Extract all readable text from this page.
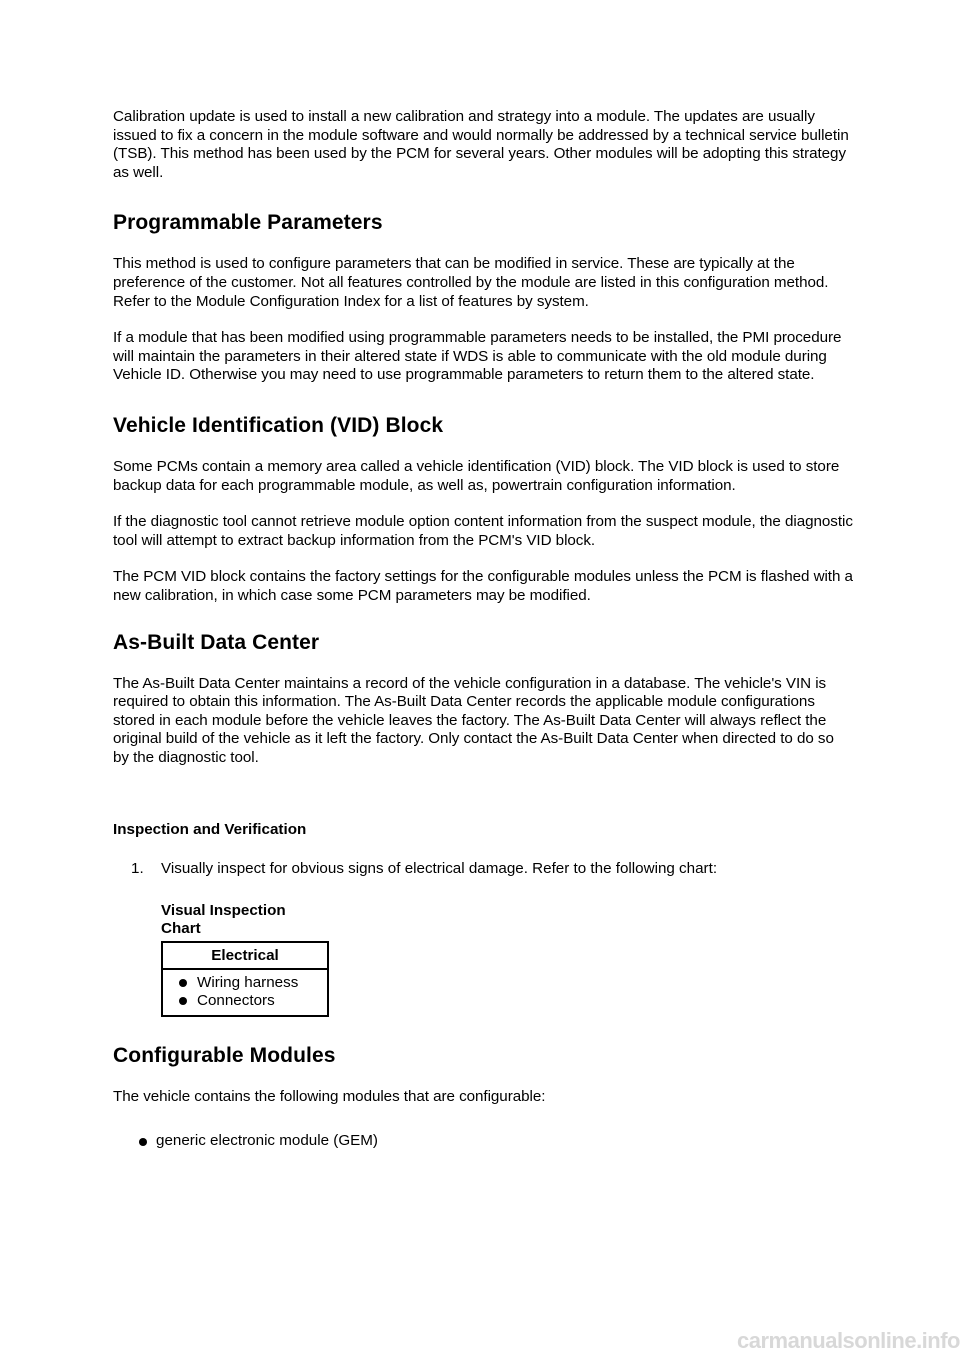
Calibration update is used to install a new calibration and strategy into a module. The updates are usually issued to fix a concern in the module software and would normally be addressed by a technical service bulletin (TSB). This method has been used by the PCM for several years. Other modules will be adopting this strategy as well.

Programmable Parameters

This method is used to configure parameters that can be modified in service. These are typically at the preference of the customer. Not all features controlled by the module are listed in this configuration method. Refer to the Module Configuration Index for a list of features by system.

If a module that has been modified using programmable parameters needs to be installed, the PMI procedure will maintain the parameters in their altered state if WDS is able to communicate with the old module during Vehicle ID. Otherwise you may need to use programmable parameters to return them to the altered state.

Vehicle Identification (VID) Block

Some PCMs contain a memory area called a vehicle identification (VID) block. The VID block is used to store backup data for each programmable module, as well as, powertrain configuration information.

If the diagnostic tool cannot retrieve module option content information from the suspect module, the diagnostic tool will attempt to extract backup information from the PCM's VID block.

The PCM VID block contains the factory settings for the configurable modules unless the PCM is flashed with a new calibration, in which case some PCM parameters may be modified.

As-Built Data Center

The As-Built Data Center maintains a record of the vehicle configuration in a database. The vehicle's VIN is required to obtain this information. The As-Built Data Center records the applicable module configurations stored in each module before the vehicle leaves the factory. The As-Built Data Center will always reflect the original build of the vehicle as it left the factory. Only contact the As-Built Data Center when directed to do so by the diagnostic tool.

Inspection and Verification
1.	Visually inspect for obvious signs of electrical damage. Refer to the following chart:
Visual Inspection Chart
Electrical

Wiring harness
Connectors
Configurable Modules

The vehicle contains the following modules that are configurable:

generic electronic module (GEM)
carmanualsonline.info
